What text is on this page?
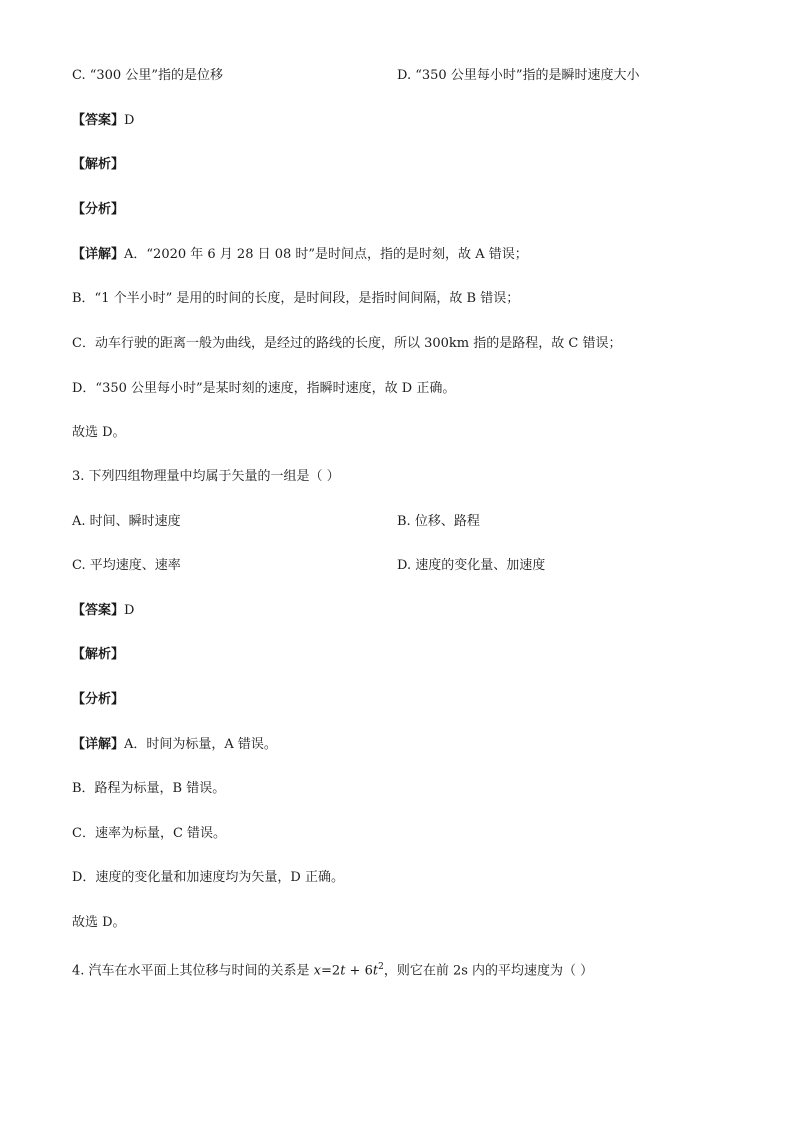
C. “300 公里”指的是位移	D. “350 公里每小时”指的是瞬时速度大小
【答案】D
【解析】
【分析】
【详解】A．“2020 年 6 月 28 日 08 时”是时间点，指的是时刻，故 A 错误；
B．“1 个半小时” 是用的时间的长度，是时间段，是指时间间隔，故 B 错误；
C．动车行驶的距离一般为曲线，是经过的路线的长度，所以 300km 指的是路程，故 C 错误；
D．“350 公里每小时”是某时刻的速度，指瞬时速度，故 D 正确。
故选 D。
3. 下列四组物理量中均属于矢量的一组是（ ）
A. 时间、瞬时速度	B. 位移、路程
C. 平均速度、速率	D. 速度的变化量、加速度
【答案】D
【解析】
【分析】
【详解】A．时间为标量，A 错误。
B．路程为标量，B 错误。
C．速率为标量，C 错误。
D．速度的变化量和加速度均为矢量，D 正确。
故选 D。
4. 汽车在水平面上其位移与时间的关系是 $x=2t + 6t^2$，则它在前 2s 内的平均速度为（ ）
